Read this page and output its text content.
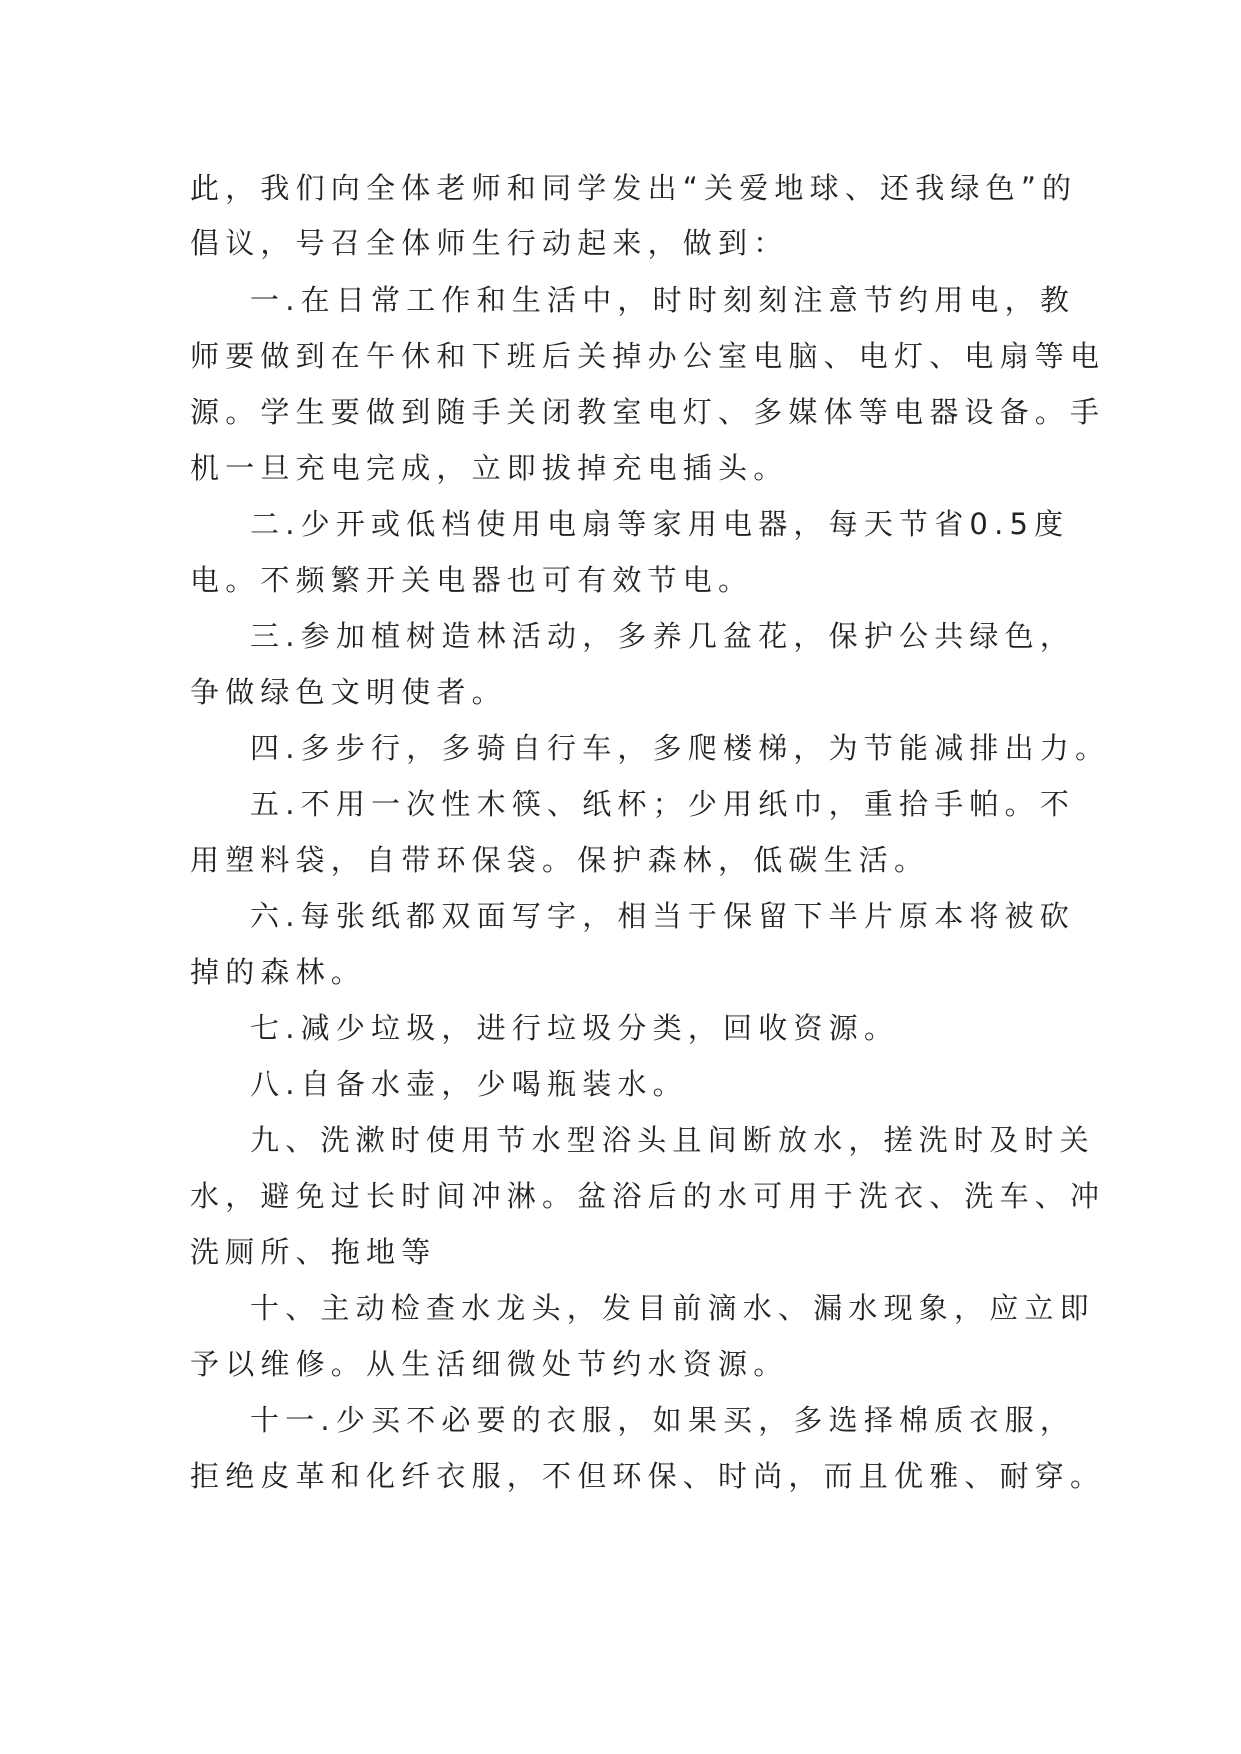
此，我们向全体老师和同学发出“关爱地球、还我绿色”的
倡议，号召全体师生行动起来，做到：
一.在日常工作和生活中，时时刻刻注意节约用电，教
师要做到在午休和下班后关掉办公室电脑、电灯、电扇等电
源。学生要做到随手关闭教室电灯、多媒体等电器设备。手
机一旦充电完成，立即拔掉充电插头。
二.少开或低档使用电扇等家用电器，每天节省0.5度
电。不频繁开关电器也可有效节电。
三.参加植树造林活动，多养几盆花，保护公共绿色，
争做绿色文明使者。
四.多步行，多骑自行车，多爬楼梯，为节能减排出力。
五.不用一次性木筷、纸杯；少用纸巾，重拾手帕。不
用塑料袋，自带环保袋。保护森林，低碳生活。
六.每张纸都双面写字，相当于保留下半片原本将被砍
掉的森林。
七.减少垃圾，进行垃圾分类，回收资源。
八.自备水壶，少喝瓶装水。
九、洗漱时使用节水型浴头且间断放水，搓洗时及时关
水，避免过长时间冲淋。盆浴后的水可用于洗衣、洗车、冲
洗厕所、拖地等
十、主动检查水龙头，发目前滴水、漏水现象，应立即
予以维修。从生活细微处节约水资源。
十一.少买不必要的衣服，如果买，多选择棉质衣服，
拒绝皮革和化纤衣服，不但环保、时尚，而且优雅、耐穿。
